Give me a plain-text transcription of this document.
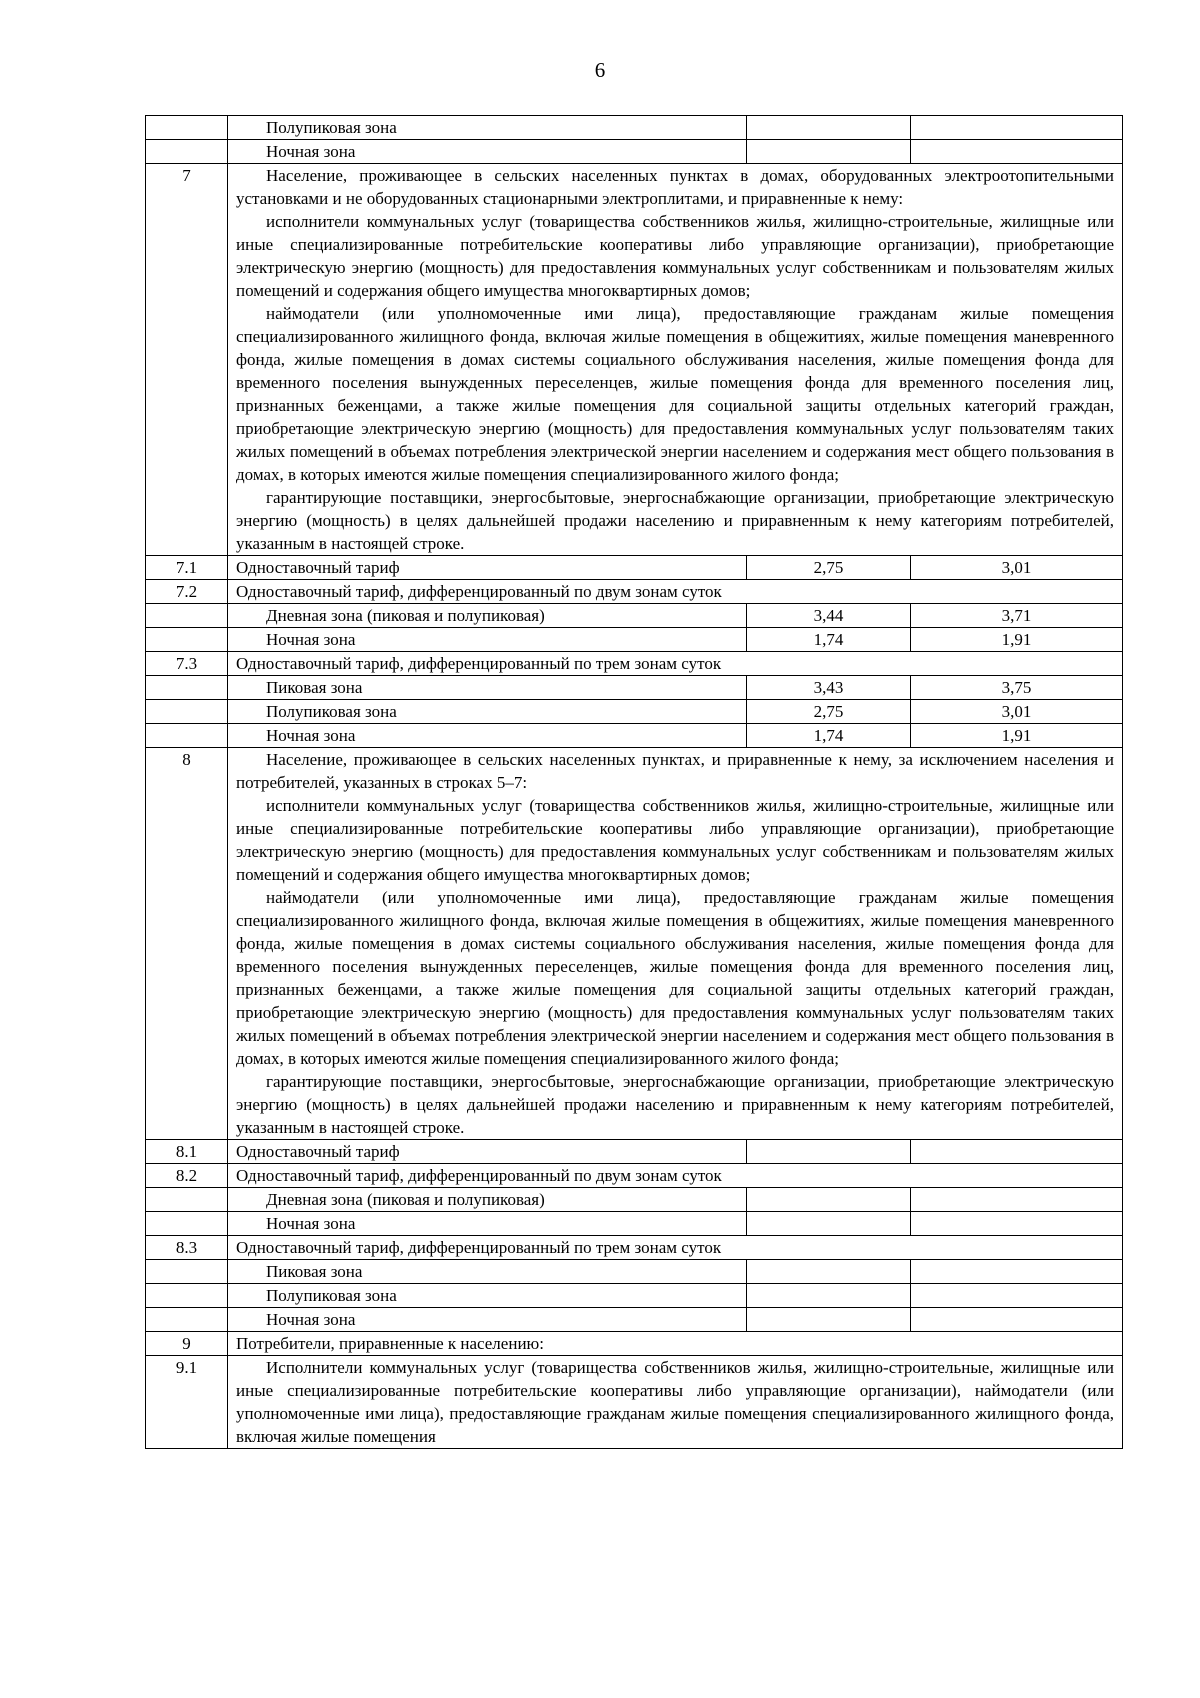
6
	Полупиковая зона		
	Ночная зона		
7	Население, проживающее в сельских населенных пунктах в домах, оборудованных электроотопительными установками и не оборудованных стационарными электроплитами, и приравненные к нему:
исполнители коммунальных услуг (товарищества собственников жилья, жилищно-строительные, жилищные или иные специализированные потребительские кооперативы либо управляющие организации), приобретающие электрическую энергию (мощность) для предоставления коммунальных услуг собственникам и пользователям жилых помещений и содержания общего имущества многоквартирных домов;
наймодатели (или уполномоченные ими лица), предоставляющие гражданам жилые помещения специализированного жилищного фонда, включая жилые помещения в общежитиях, жилые помещения маневренного фонда, жилые помещения в домах системы социального обслуживания населения, жилые помещения фонда для временного поселения вынужденных переселенцев, жилые помещения фонда для временного поселения лиц, признанных беженцами, а также жилые помещения для социальной защиты отдельных категорий граждан, приобретающие электрическую энергию (мощность) для предоставления коммунальных услуг пользователям таких жилых помещений в объемах потребления электрической энергии населением и содержания мест общего пользования в домах, в которых имеются жилые помещения специализированного жилого фонда;
гарантирующие поставщики, энергосбытовые, энергоснабжающие организации, приобретающие электрическую энергию (мощность) в целях дальнейшей продажи населению и приравненным к нему категориям потребителей, указанным в настоящей строке.		

7.1	Одноставочный тариф	2,75	3,01
7.2	Одноставочный тариф, дифференцированный по двум зонам суток		
	Дневная зона (пиковая и полупиковая)	3,44	3,71
	Ночная зона	1,74	1,91
7.3	Одноставочный тариф, дифференцированный по трем зонам суток		
	Пиковая зона	3,43	3,75
	Полупиковая зона	2,75	3,01
	Ночная зона	1,74	1,91
8	Население, проживающее в сельских населенных пунктах, и приравненные к нему, за исключением населения и потребителей, указанных в строках 5–7:
исполнители коммунальных услуг (товарищества собственников жилья, жилищно-строительные, жилищные или иные специализированные потребительские кооперативы либо управляющие организации), приобретающие электрическую энергию (мощность) для предоставления коммунальных услуг собственникам и пользователям жилых помещений и содержания общего имущества многоквартирных домов;
наймодатели (или уполномоченные ими лица), предоставляющие гражданам жилые помещения специализированного жилищного фонда, включая жилые помещения в общежитиях, жилые помещения маневренного фонда, жилые помещения в домах системы социального обслуживания населения, жилые помещения фонда для временного поселения вынужденных переселенцев, жилые помещения фонда для временного поселения лиц, признанных беженцами, а также жилые помещения для социальной защиты отдельных категорий граждан, приобретающие электрическую энергию (мощность) для предоставления коммунальных услуг пользователям таких жилых помещений в объемах потребления электрической энергии населением и содержания мест общего пользования в домах, в которых имеются жилые помещения специализированного жилого фонда;
гарантирующие поставщики, энергосбытовые, энергоснабжающие организации, приобретающие электрическую энергию (мощность) в целях дальнейшей продажи населению и приравненным к нему категориям потребителей, указанным в настоящей строке.		

8.1	Одноставочный тариф		
8.2	Одноставочный тариф, дифференцированный по двум зонам суток		
	Дневная зона (пиковая и полупиковая)		
	Ночная зона		
8.3	Одноставочный тариф, дифференцированный по трем зонам суток		
	Пиковая зона		
	Полупиковая зона		
	Ночная зона		
9	Потребители, приравненные к населению:		
9.1	Исполнители коммунальных услуг (товарищества собственников жилья, жилищно-строительные, жилищные или иные специализированные потребительские кооперативы либо управляющие организации), наймодатели (или уполномоченные ими лица), предоставляющие гражданам жилые помещения специализированного жилищного фонда, включая жилые помещения		
